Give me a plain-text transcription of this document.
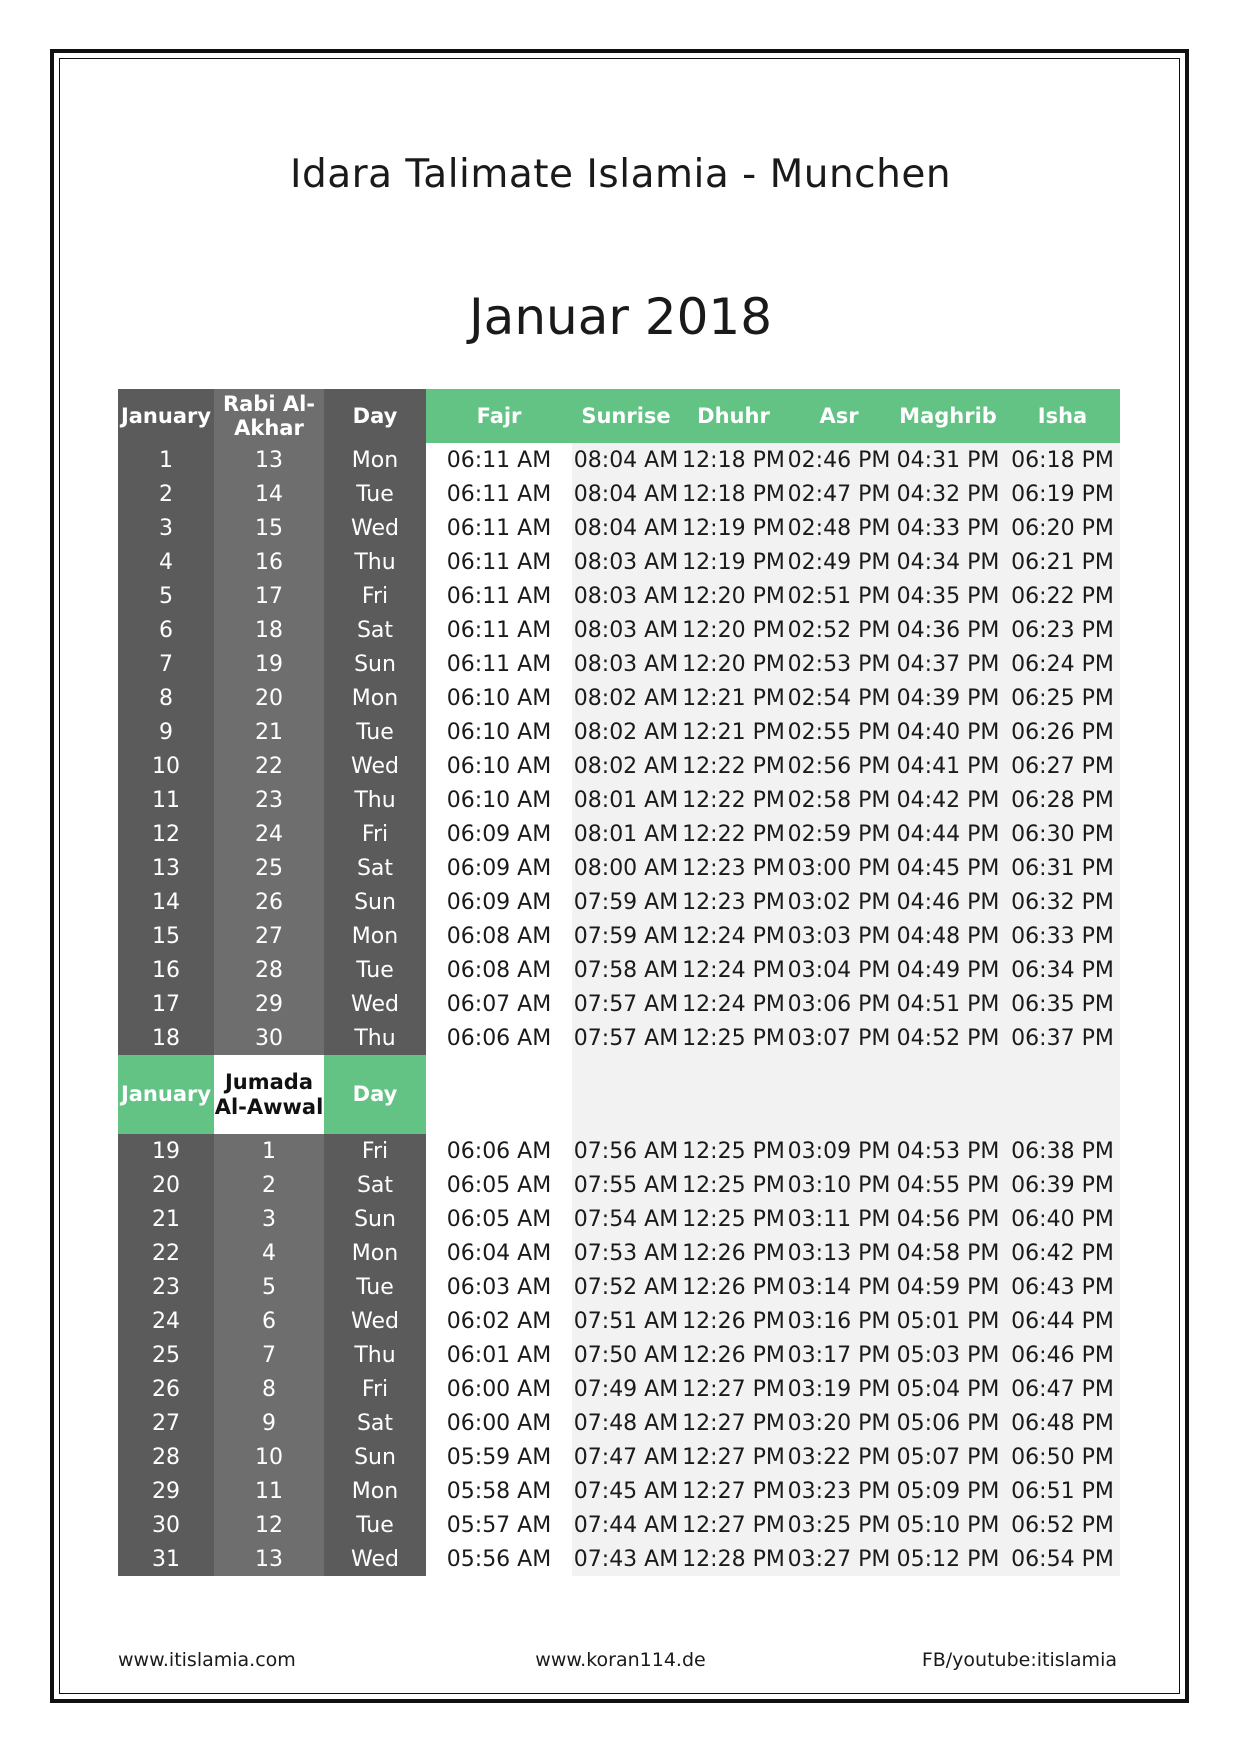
Idara Talimate Islamia - Munchen
Januar 2018
January	Rabi Al-Akhar	Day	Fajr	Sunrise	Dhuhr	Asr	Maghrib	Isha
1	13	Mon	06:11 AM	08:04 AM	12:18 PM	02:46 PM	04:31 PM	06:18 PM
2	14	Tue	06:11 AM	08:04 AM	12:18 PM	02:47 PM	04:32 PM	06:19 PM
3	15	Wed	06:11 AM	08:04 AM	12:19 PM	02:48 PM	04:33 PM	06:20 PM
4	16	Thu	06:11 AM	08:03 AM	12:19 PM	02:49 PM	04:34 PM	06:21 PM
5	17	Fri	06:11 AM	08:03 AM	12:20 PM	02:51 PM	04:35 PM	06:22 PM
6	18	Sat	06:11 AM	08:03 AM	12:20 PM	02:52 PM	04:36 PM	06:23 PM
7	19	Sun	06:11 AM	08:03 AM	12:20 PM	02:53 PM	04:37 PM	06:24 PM
8	20	Mon	06:10 AM	08:02 AM	12:21 PM	02:54 PM	04:39 PM	06:25 PM
9	21	Tue	06:10 AM	08:02 AM	12:21 PM	02:55 PM	04:40 PM	06:26 PM
10	22	Wed	06:10 AM	08:02 AM	12:22 PM	02:56 PM	04:41 PM	06:27 PM
11	23	Thu	06:10 AM	08:01 AM	12:22 PM	02:58 PM	04:42 PM	06:28 PM
12	24	Fri	06:09 AM	08:01 AM	12:22 PM	02:59 PM	04:44 PM	06:30 PM
13	25	Sat	06:09 AM	08:00 AM	12:23 PM	03:00 PM	04:45 PM	06:31 PM
14	26	Sun	06:09 AM	07:59 AM	12:23 PM	03:02 PM	04:46 PM	06:32 PM
15	27	Mon	06:08 AM	07:59 AM	12:24 PM	03:03 PM	04:48 PM	06:33 PM
16	28	Tue	06:08 AM	07:58 AM	12:24 PM	03:04 PM	04:49 PM	06:34 PM
17	29	Wed	06:07 AM	07:57 AM	12:24 PM	03:06 PM	04:51 PM	06:35 PM
18	30	Thu	06:06 AM	07:57 AM	12:25 PM	03:07 PM	04:52 PM	06:37 PM
January	Jumada Al-Awwal	Day						
19	1	Fri	06:06 AM	07:56 AM	12:25 PM	03:09 PM	04:53 PM	06:38 PM
20	2	Sat	06:05 AM	07:55 AM	12:25 PM	03:10 PM	04:55 PM	06:39 PM
21	3	Sun	06:05 AM	07:54 AM	12:25 PM	03:11 PM	04:56 PM	06:40 PM
22	4	Mon	06:04 AM	07:53 AM	12:26 PM	03:13 PM	04:58 PM	06:42 PM
23	5	Tue	06:03 AM	07:52 AM	12:26 PM	03:14 PM	04:59 PM	06:43 PM
24	6	Wed	06:02 AM	07:51 AM	12:26 PM	03:16 PM	05:01 PM	06:44 PM
25	7	Thu	06:01 AM	07:50 AM	12:26 PM	03:17 PM	05:03 PM	06:46 PM
26	8	Fri	06:00 AM	07:49 AM	12:27 PM	03:19 PM	05:04 PM	06:47 PM
27	9	Sat	06:00 AM	07:48 AM	12:27 PM	03:20 PM	05:06 PM	06:48 PM
28	10	Sun	05:59 AM	07:47 AM	12:27 PM	03:22 PM	05:07 PM	06:50 PM
29	11	Mon	05:58 AM	07:45 AM	12:27 PM	03:23 PM	05:09 PM	06:51 PM
30	12	Tue	05:57 AM	07:44 AM	12:27 PM	03:25 PM	05:10 PM	06:52 PM
31	13	Wed	05:56 AM	07:43 AM	12:28 PM	03:27 PM	05:12 PM	06:54 PM
www.itislamia.com	www.koran114.de	FB/youtube:itislamia
